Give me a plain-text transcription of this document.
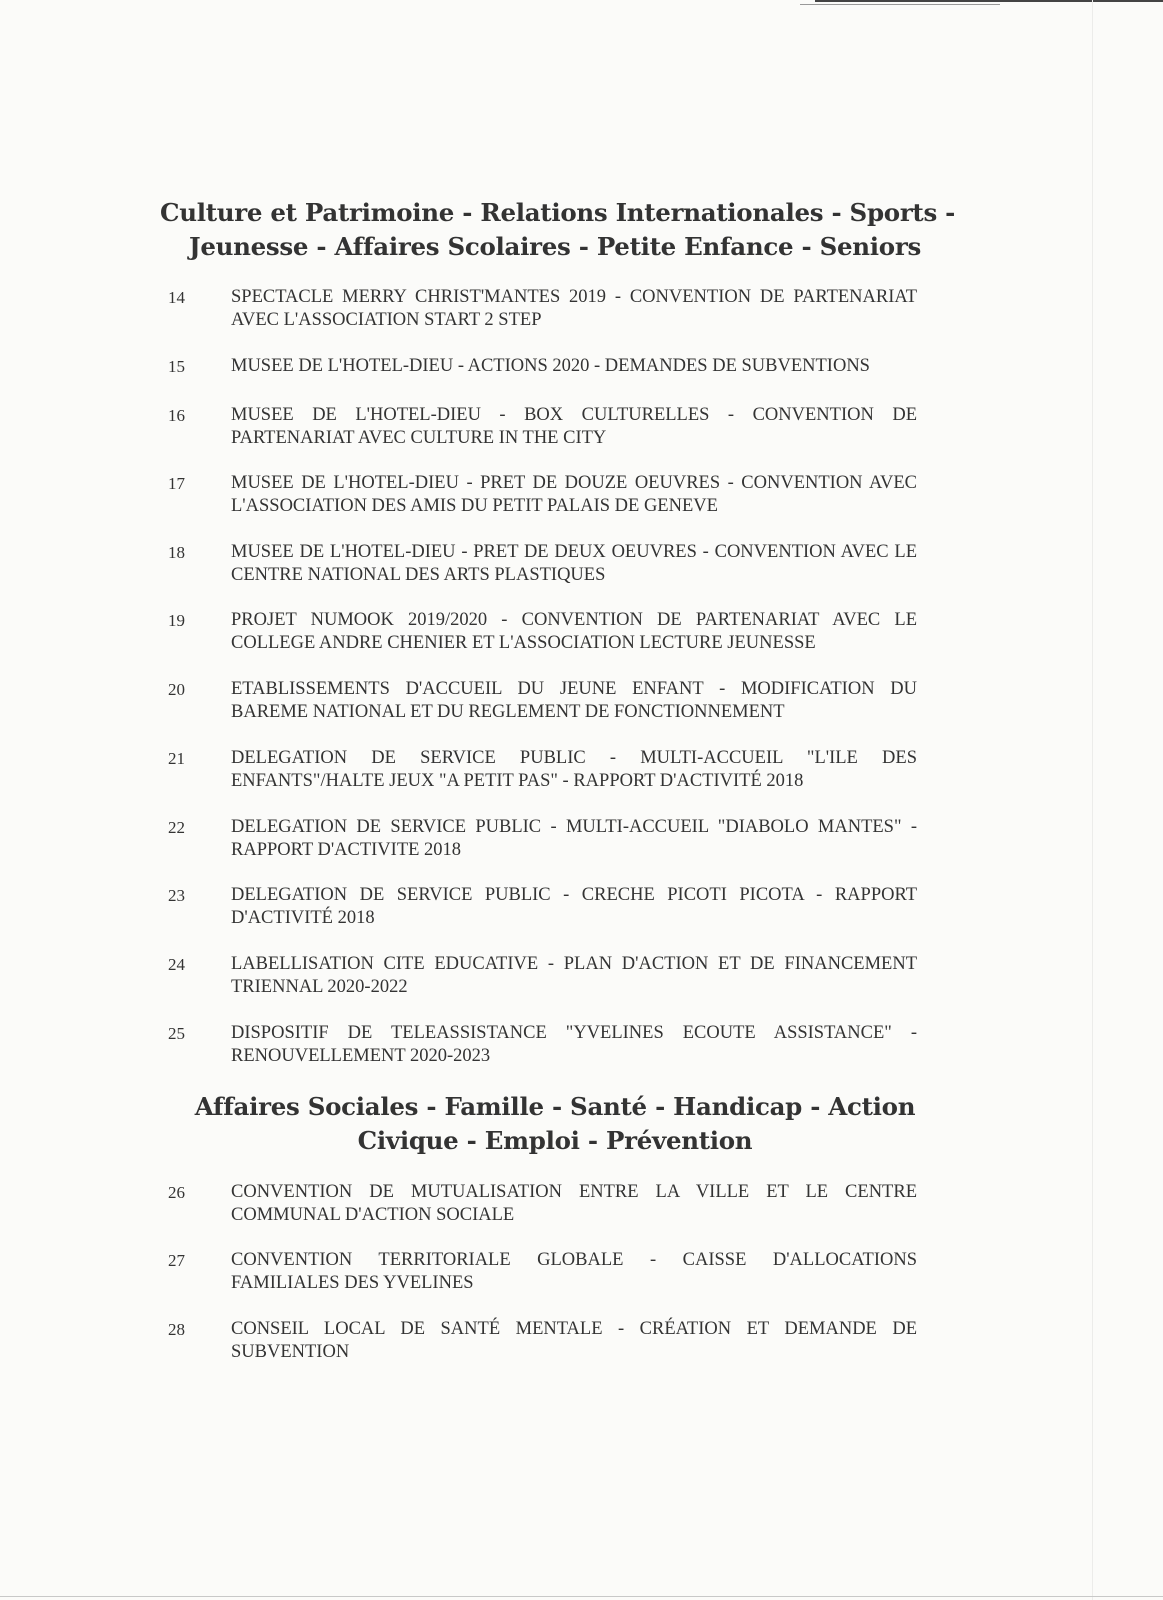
Culture et Patrimoine - Relations Internationales - Sports -
Jeunesse - Affaires Scolaires - Petite Enfance - Seniors
14	SPECTACLE MERRY CHRIST'MANTES 2019 - CONVENTION DE PARTENARIAT AVEC L'ASSOCIATION START 2 STEP
15	MUSEE DE L'HOTEL-DIEU - ACTIONS 2020 - DEMANDES DE SUBVENTIONS
16	MUSEE DE L'HOTEL-DIEU - BOX CULTURELLES - CONVENTION DE PARTENARIAT AVEC CULTURE IN THE CITY
17	MUSEE DE L'HOTEL-DIEU - PRET DE DOUZE OEUVRES - CONVENTION AVEC L'ASSOCIATION DES AMIS DU PETIT PALAIS DE GENEVE
18	MUSEE DE L'HOTEL-DIEU - PRET DE DEUX OEUVRES - CONVENTION AVEC LE CENTRE NATIONAL DES ARTS PLASTIQUES
19	PROJET NUMOOK 2019/2020 - CONVENTION DE PARTENARIAT AVEC LE COLLEGE ANDRE CHENIER ET L'ASSOCIATION LECTURE JEUNESSE
20	ETABLISSEMENTS D'ACCUEIL DU JEUNE ENFANT - MODIFICATION DU BAREME NATIONAL ET DU REGLEMENT DE FONCTIONNEMENT
21	DELEGATION DE SERVICE PUBLIC - MULTI-ACCUEIL "L'ILE DES ENFANTS"/HALTE JEUX "A PETIT PAS" - RAPPORT D'ACTIVITÉ 2018
22	DELEGATION DE SERVICE PUBLIC - MULTI-ACCUEIL "DIABOLO MANTES" - RAPPORT D'ACTIVITE 2018
23	DELEGATION DE SERVICE PUBLIC - CRECHE PICOTI PICOTA - RAPPORT D'ACTIVITÉ 2018
24	LABELLISATION CITE EDUCATIVE - PLAN D'ACTION ET DE FINANCEMENT TRIENNAL 2020-2022
25	DISPOSITIF DE TELEASSISTANCE "YVELINES ECOUTE ASSISTANCE" - RENOUVELLEMENT 2020-2023
Affaires Sociales - Famille - Santé - Handicap - Action
Civique - Emploi - Prévention
26	CONVENTION DE MUTUALISATION ENTRE LA VILLE ET LE CENTRE COMMUNAL D'ACTION SOCIALE
27	CONVENTION TERRITORIALE GLOBALE - CAISSE D'ALLOCATIONS FAMILIALES DES YVELINES
28	CONSEIL LOCAL DE SANTÉ MENTALE - CRÉATION ET DEMANDE DE SUBVENTION
